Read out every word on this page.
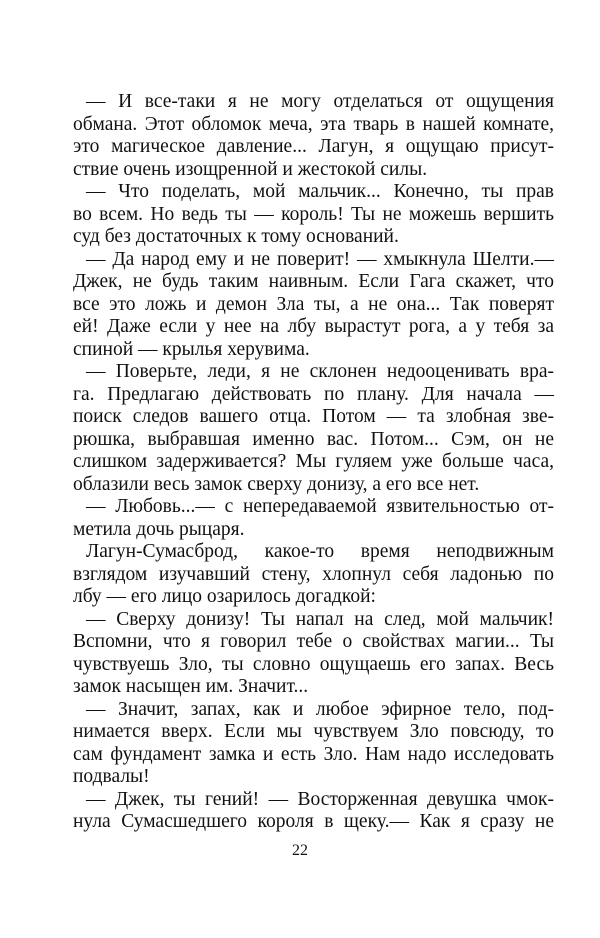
— И все-таки я не могу отделаться от ощущения
обмана. Этот обломок меча, эта тварь в нашей комнате,
это магическое давление... Лагун, я ощущаю присут-
ствие очень изощренной и жестокой силы.
— Что поделать, мой мальчик... Конечно, ты прав
во всем. Но ведь ты — король! Ты не можешь вершить
суд без достаточных к тому оснований.
— Да народ ему и не поверит! — хмыкнула Шелти.—
Джек, не будь таким наивным. Если Гага скажет, что
все это ложь и демон Зла ты, а не она... Так поверят
ей! Даже если у нее на лбу вырастут рога, а у тебя за
спиной — крылья херувима.
— Поверьте, леди, я не склонен недооценивать вра-
га. Предлагаю действовать по плану. Для начала —
поиск следов вашего отца. Потом — та злобная зве-
рюшка, выбравшая именно вас. Потом... Сэм, он не
слишком задерживается? Мы гуляем уже больше часа,
облазили весь замок сверху донизу, а его все нет.
— Любовь...— с непередаваемой язвительностью от-
метила дочь рыцаря.
Лагун-Сумасброд, какое-то время неподвижным
взглядом изучавший стену, хлопнул себя ладонью по
лбу — его лицо озарилось догадкой:
— Сверху донизу! Ты напал на след, мой мальчик!
Вспомни, что я говорил тебе о свойствах магии... Ты
чувствуешь Зло, ты словно ощущаешь его запах. Весь
замок насыщен им. Значит...
— Значит, запах, как и любое эфирное тело, под-
нимается вверх. Если мы чувствуем Зло повсюду, то
сам фундамент замка и есть Зло. Нам надо исследовать
подвалы!
— Джек, ты гений! — Восторженная девушка чмок-
нула Сумасшедшего короля в щеку.— Как я сразу не
22
